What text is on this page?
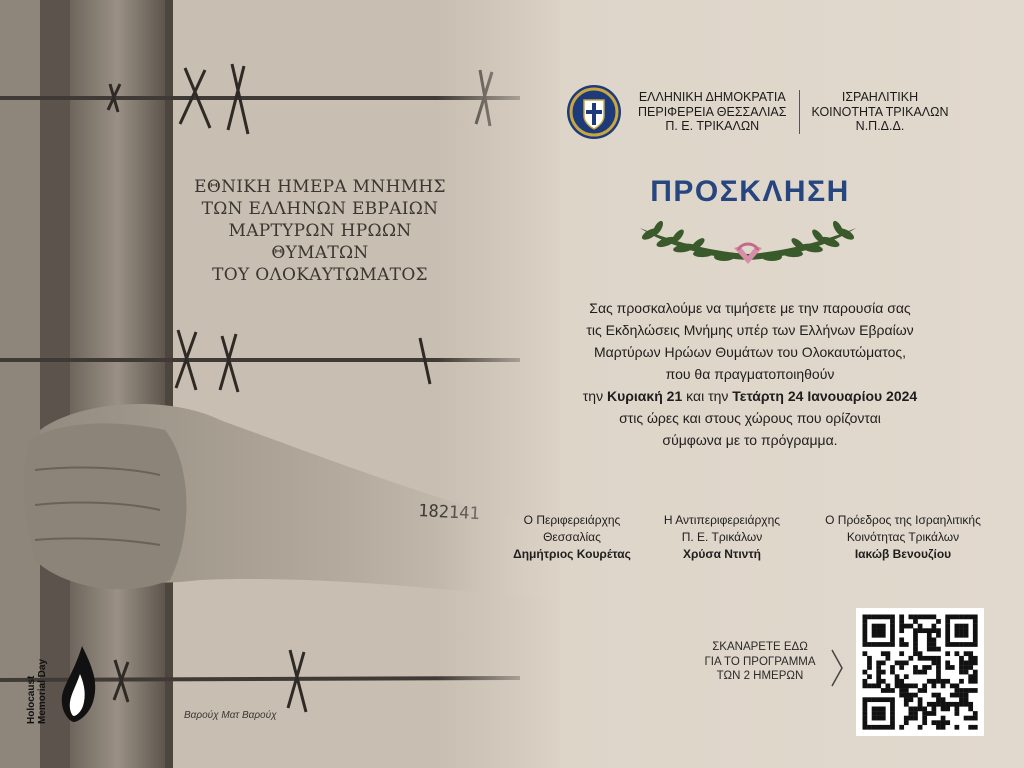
ΕΘΝΙΚΗ ΗΜΕΡΑ ΜΝΗΜΗΣ
ΤΩΝ ΕΛΛΗΝΩΝ ΕΒΡΑΙΩΝ
ΜΑΡΤΥΡΩΝ ΗΡΩΩΝ
ΘΥΜΑΤΩΝ
ΤΟΥ ΟΛΟΚΑΥΤΩΜΑΤΟΣ
Holocaust Memorial Day	Βαρούχ Ματ Βαρούχ
ΕΛΛΗΝΙΚΗ ΔΗΜΟΚΡΑΤΙΑ
ΠΕΡΙΦΕΡΕΙΑ ΘΕΣΣΑΛΙΑΣ
Π. Ε. ΤΡΙΚΑΛΩΝ
ΙΣΡΑΗΛΙΤΙΚΗ
ΚΟΙΝΟΤΗΤΑ ΤΡΙΚΑΛΩΝ
Ν.Π.Δ.Δ.
ΠΡΟΣΚΛΗΣΗ
Σας προσκαλούμε να τιμήσετε με την παρουσία σας
τις Εκδηλώσεις Μνήμης υπέρ των Ελλήνων Εβραίων
Μαρτύρων Ηρώων Θυμάτων του Ολοκαυτώματος,
που θα πραγματοποιηθούν
την Κυριακή 21 και την Τετάρτη 24 Ιανουαρίου 2024
στις ώρες και στους χώρους που ορίζονται
σύμφωνα με το πρόγραμμα.
Ο Περιφερειάρχης
Θεσσαλίας
Δημήτριος Κουρέτας
Η Αντιπεριφερειάρχης
Π. Ε. Τρικάλων
Χρύσα Ντιντή
Ο Πρόεδρος της Ισραηλιτικής
Κοινότητας Τρικάλων
Ιακώβ Βενουζίου
ΣΚΑΝΑΡΕΤΕ ΕΔΩ
ΓΙΑ ΤΟ ΠΡΟΓΡΑΜΜΑ
ΤΩΝ 2 ΗΜΕΡΩΝ
